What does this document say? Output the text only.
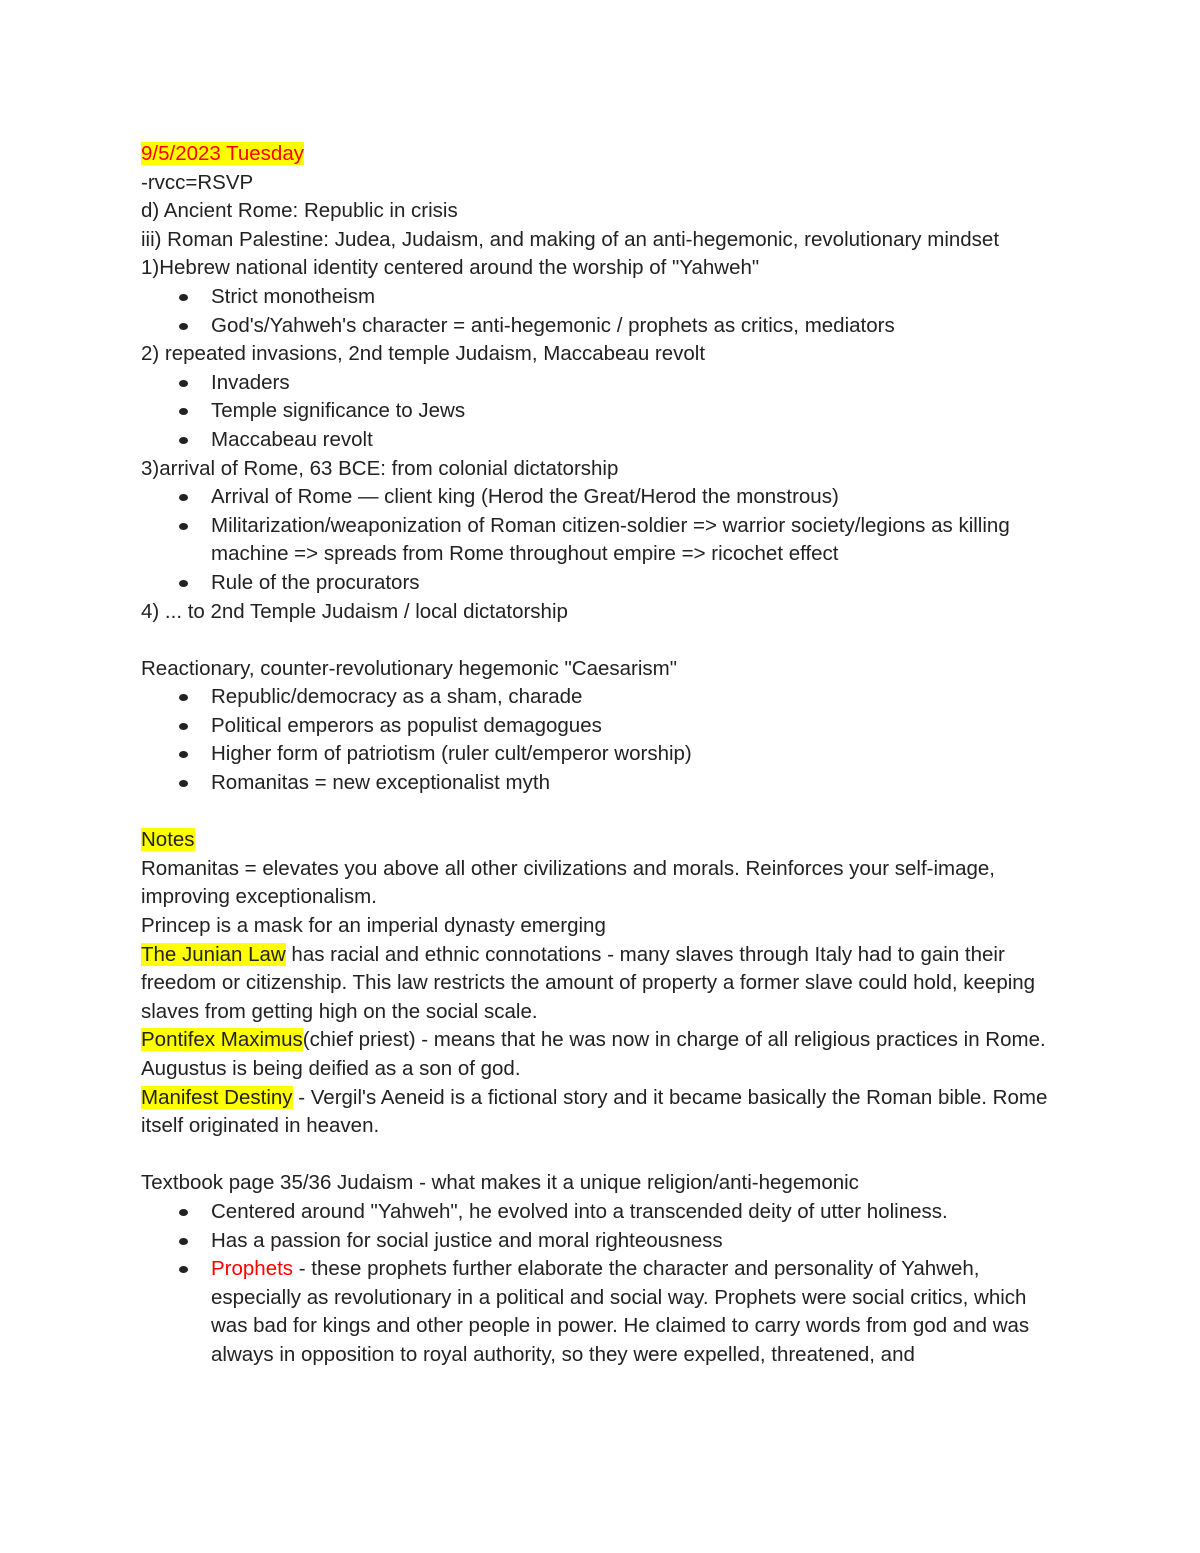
9/5/2023 Tuesday
-rvcc=RSVP
d) Ancient Rome: Republic in crisis
iii) Roman Palestine: Judea, Judaism, and making of an anti-hegemonic, revolutionary mindset
1)Hebrew national identity centered around the worship of "Yahweh"
Strict monotheism
God's/Yahweh's character = anti-hegemonic / prophets as critics, mediators
2) repeated invasions, 2nd temple Judaism, Maccabeau revolt
Invaders
Temple significance to Jews
Maccabeau revolt
3)arrival of Rome, 63 BCE: from colonial dictatorship
Arrival of Rome — client king (Herod the Great/Herod the monstrous)
Militarization/weaponization of Roman citizen-soldier => warrior society/legions as killing machine => spreads from Rome throughout empire => ricochet effect
Rule of the procurators
4) ... to 2nd Temple Judaism / local dictatorship
Reactionary, counter-revolutionary hegemonic "Caesarism"
Republic/democracy as a sham, charade
Political emperors as populist demagogues
Higher form of patriotism (ruler cult/emperor worship)
Romanitas = new exceptionalist myth
Notes
Romanitas = elevates you above all other civilizations and morals. Reinforces your self-image, improving exceptionalism.
Princep is a mask for an imperial dynasty emerging
The Junian Law has racial and ethnic connotations - many slaves through Italy had to gain their freedom or citizenship. This law restricts the amount of property a former slave could hold, keeping slaves from getting high on the social scale.
Pontifex Maximus(chief priest) - means that he was now in charge of all religious practices in Rome. Augustus is being deified as a son of god.
Manifest Destiny - Vergil's Aeneid is a fictional story and it became basically the Roman bible. Rome itself originated in heaven.
Textbook page 35/36 Judaism - what makes it a unique religion/anti-hegemonic
Centered around "Yahweh", he evolved into a transcended deity of utter holiness.
Has a passion for social justice and moral righteousness
Prophets - these prophets further elaborate the character and personality of Yahweh, especially as revolutionary in a political and social way. Prophets were social critics, which was bad for kings and other people in power. He claimed to carry words from god and was always in opposition to royal authority, so they were expelled, threatened, and
